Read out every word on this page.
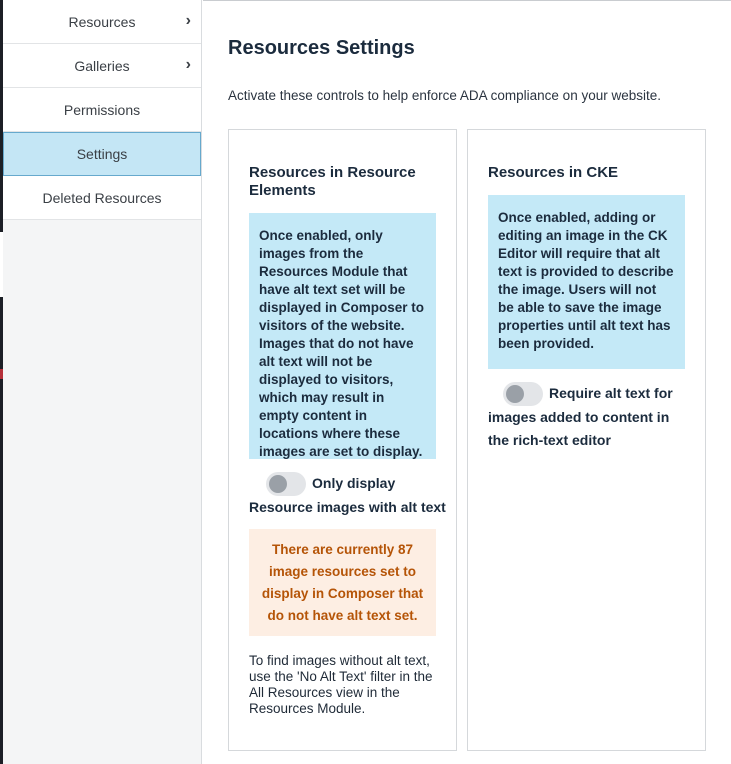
Resources	›
Galleries	›
Permissions
Settings
Deleted Resources
Resources Settings

Activate these controls to help enforce ADA compliance on your website.

Resources in Resource Elements
Once enabled, only images from the Resources Module that have alt text set will be displayed in Composer to visitors of the website. Images that do not have alt text will not be displayed to visitors, which may result in empty content in locations where these images are set to display.
Only display Resource images with alt text
There are currently 87 image resources set to display in Composer that do not have alt text set.

To find images without alt text, use the 'No Alt Text' filter in the All Resources view in the Resources Module.

Resources in CKE
Once enabled, adding or editing an image in the CK Editor will require that alt text is provided to describe the image. Users will not be able to save the image properties until alt text has been provided.
Require alt text for images added to content in the rich-text editor
